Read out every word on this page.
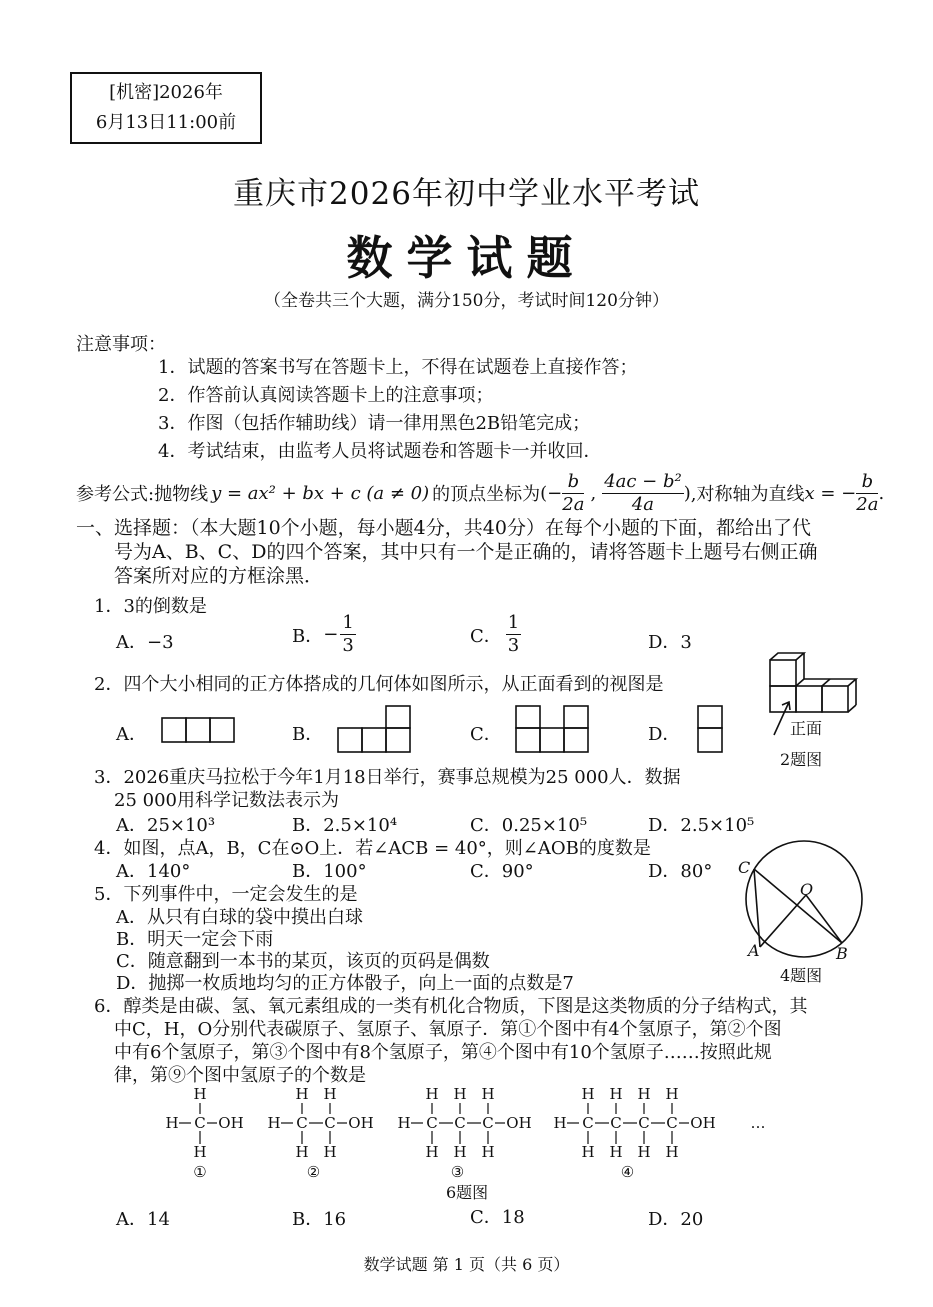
[机密]2026年
6月13日11:00前
重庆市2026年初中学业水平考试
数学试题
（全卷共三个大题，满分150分，考试时间120分钟）
注意事项：
1．试题的答案书写在答题卡上，不得在试题卷上直接作答；
2．作答前认真阅读答题卡上的注意事项；
3．作图（包括作辅助线）请一律用黑色2B铅笔完成；
4．考试结束，由监考人员将试题卷和答题卡一并收回．
参考公式:抛物线 y = ax² + bx + c (a ≠ 0) 的顶点坐标为 (− $\frac{b}{2a}$ , $\frac{\text{4ac − b²}}{4a}$ ) ,对称轴为直线 x = − $\frac{b}{2a}$ .
一、选择题：（本大题10个小题，每小题4分，共40分）在每个小题的下面，都给出了代
号为A、B、C、D的四个答案，其中只有一个是正确的，请将答题卡上题号右侧正确
答案所对应的方框涂黑．
1．3的倒数是
A．−3	B． − $\frac{1}{3}$	C． $\frac{1}{3}$	D．3
2．四个大小相同的正方体搭成的几何体如图所示，从正面看到的视图是
A．	B．	C．	D．	正面
2题图
3．2026重庆马拉松于今年1月18日举行，赛事总规模为25 000人．数据
25 000用科学记数法表示为
A．25×10³	B．2.5×10⁴	C．0.25×10⁵	D．2.5×10⁵
4．如图，点A，B，C在⊙O上．若∠ACB = 40°，则∠AOB的度数是
A．140°	B．100°	C．90°	D．80° C
O
A	B
4题图
5．下列事件中，一定会发生的是
A．从只有白球的袋中摸出白球
B．明天一定会下雨
C．随意翻到一本书的某页，该页的页码是偶数
D．抛掷一枚质地均匀的正方体骰子，向上一面的点数是7
6．醇类是由碳、氢、氧元素组成的一类有机化合物质，下图是这类物质的分子结构式，其
中C，H，O分别代表碳原子、氢原子、氧原子．第①个图中有4个氢原子，第②个图
中有6个氢原子，第③个图中有8个氢原子，第④个图中有10个氢原子……按照此规
律，第⑨个图中氢原子的个数是
H C
H
H
OH
①
H C
H
H
C
H
H
OH
②
H C
H
H
C
H
H
C
H
H
OH
③
H C
H
H
C
H
H
C
H
H
C
H
H
OH
④
…
6题图
A．14	B．16	C．18	D．20
数学试题 第 1 页（共 6 页）
